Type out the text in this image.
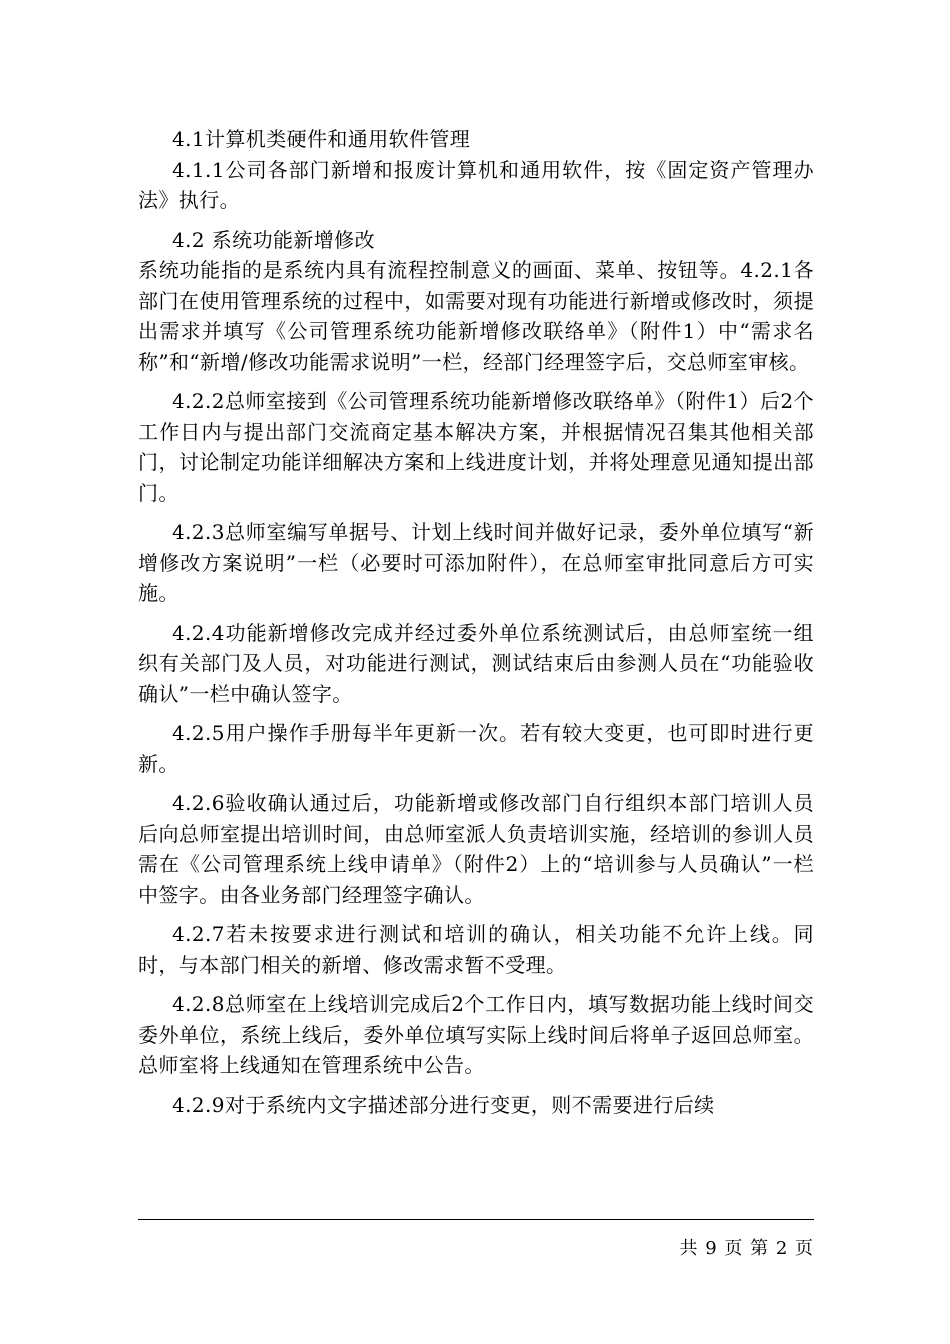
4.1计算机类硬件和通用软件管理

4.1.1公司各部门新增和报废计算机和通用软件，按《固定资产管理办法》执行。

4.2 系统功能新增修改

系统功能指的是系统内具有流程控制意义的画面、菜单、按钮等。4.2.1各部门在使用管理系统的过程中，如需要对现有功能进行新增或修改时，须提出需求并填写《公司管理系统功能新增修改联络单》（附件1）中“需求名称”和“新增/修改功能需求说明”一栏，经部门经理签字后，交总师室审核。

4.2.2总师室接到《公司管理系统功能新增修改联络单》（附件1）后2个工作日内与提出部门交流商定基本解决方案，并根据情况召集其他相关部门，讨论制定功能详细解决方案和上线进度计划，并将处理意见通知提出部门。

4.2.3总师室编写单据号、计划上线时间并做好记录，委外单位填写“新增修改方案说明”一栏（必要时可添加附件），在总师室审批同意后方可实施。

4.2.4功能新增修改完成并经过委外单位系统测试后，由总师室统一组织有关部门及人员，对功能进行测试，测试结束后由参测人员在“功能验收确认”一栏中确认签字。

4.2.5用户操作手册每半年更新一次。若有较大变更，也可即时进行更新。

4.2.6验收确认通过后，功能新增或修改部门自行组织本部门培训人员后向总师室提出培训时间，由总师室派人负责培训实施，经培训的参训人员需在《公司管理系统上线申请单》（附件2）上的“培训参与人员确认”一栏中签字。由各业务部门经理签字确认。

4.2.7若未按要求进行测试和培训的确认，相关功能不允许上线。同时，与本部门相关的新增、修改需求暂不受理。

4.2.8总师室在上线培训完成后2个工作日内，填写数据功能上线时间交委外单位，系统上线后，委外单位填写实际上线时间后将单子返回总师室。总师室将上线通知在管理系统中公告。

4.2.9对于系统内文字描述部分进行变更，则不需要进行后续

共 9 页 第 2 页
